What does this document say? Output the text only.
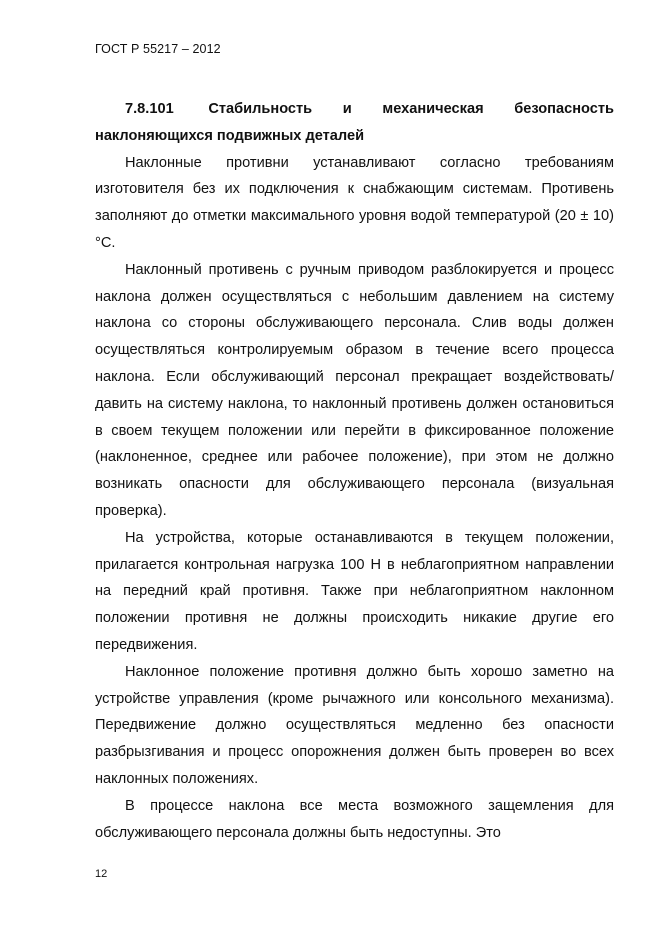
ГОСТ Р 55217 – 2012

7.8.101 Стабильность и механическая безопасность наклоняющихся подвижных деталей

Наклонные противни устанавливают согласно требованиям изготовителя без их подключения к снабжающим системам. Противень заполняют до отметки максимального уровня водой температурой (20 ± 10) °С.

Наклонный противень с ручным приводом разблокируется и процесс наклона должен осуществляться с небольшим давлением на систему наклона со стороны обслуживающего персонала. Слив воды должен осуществляться контролируемым образом в течение всего процесса наклона. Если обслуживающий персонал прекращает воздействовать/давить на систему наклона, то наклонный противень должен остановиться в своем текущем положении или перейти в фиксированное положение (наклоненное, среднее или рабочее положение), при этом не должно возникать опасности для обслуживающего персонала (визуальная проверка).

На устройства, которые останавливаются в текущем положении, прилагается контрольная нагрузка 100 Н в неблагоприятном направлении на передний край противня. Также при неблагоприятном наклонном положении противня не должны происходить никакие другие его передвижения.

Наклонное положение противня должно быть хорошо заметно на устройстве управления (кроме рычажного или консольного механизма). Передвижение должно осуществляться медленно без опасности разбрызгивания и процесс опорожнения должен быть проверен во всех наклонных положениях.

В процессе наклона все места возможного защемления для обслуживающего персонала должны быть недоступны. Это

12
